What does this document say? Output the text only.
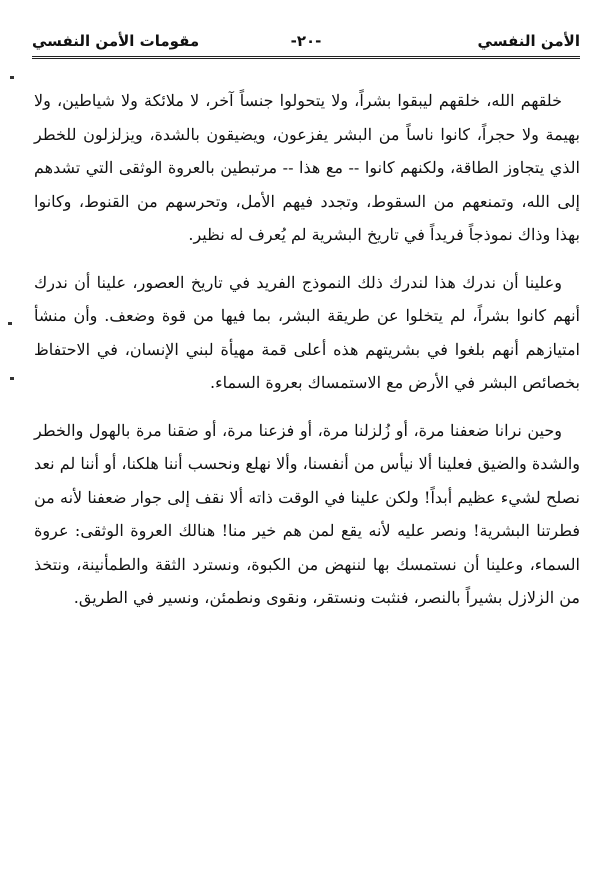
الأمن النفسي
-٢٠-
مقومات الأمن النفسي

خلقهم الله، خلقهم ليبقوا بشراً، ولا يتحولوا جنساً آخر، لا ملائكة ولا شياطين، ولا بهيمة ولا حجراً، كانوا ناساً من البشر يفزعون، ويضيقون بالشدة، ويزلزلون للخطر الذي يتجاوز الطاقة، ولكنهم كانوا -- مع هذا -- مرتبطين بالعروة الوثقى التي تشدهم إلى الله، وتمنعهم من السقوط، وتجدد فيهم الأمل، وتحرسهم من القنوط، وكانوا بهذا وذاك نموذجاً فريداً في تاريخ البشرية لم يُعرف له نظير.

وعلينا أن ندرك هذا لندرك ذلك النموذج الفريد في تاريخ العصور، علينا أن ندرك أنهم كانوا بشراً، لم يتخلوا عن طريقة البشر، بما فيها من قوة وضعف. وأن منشأ امتيازهم أنهم بلغوا في بشريتهم هذه أعلى قمة مهيأة لبني الإنسان، في الاحتفاظ بخصائص البشر في الأرض مع الاستمساك بعروة السماء.

وحين نرانا ضعفنا مرة، أو زُلزلنا مرة، أو فزعنا مرة، أو ضقنا مرة بالهول والخطر والشدة والضيق فعلينا ألا نيأس من أنفسنا، وألا نهلع ونحسب أننا هلكنا، أو أننا لم نعد نصلح لشيء عظيم أبداً! ولكن علينا في الوقت ذاته ألا نقف إلى جوار ضعفنا لأنه من فطرتنا البشرية! ونصر عليه لأنه يقع لمن هم خير منا! هنالك العروة الوثقى: عروة السماء، وعلينا أن نستمسك بها لننهض من الكبوة، ونسترد الثقة والطمأنينة، ونتخذ من الزلازل بشيراً بالنصر، فنثبت ونستقر، ونقوى ونطمئن، ونسير في الطريق.
